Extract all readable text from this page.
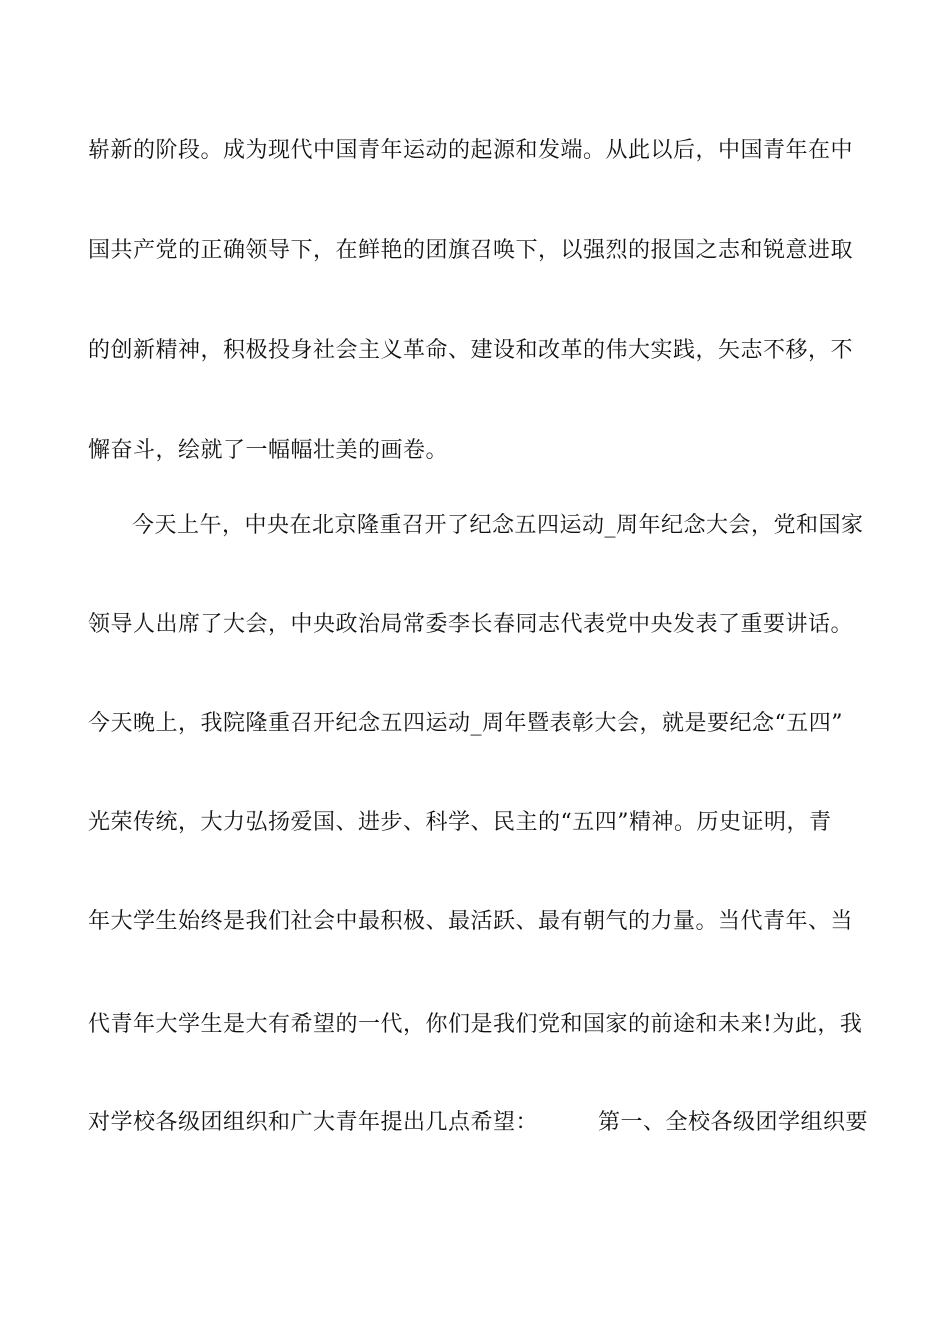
崭新的阶段。成为现代中国青年运动的起源和发端。从此以后，中国青年在中
国共产党的正确领导下，在鲜艳的团旗召唤下，以强烈的报国之志和锐意进取
的创新精神，积极投身社会主义革命、建设和改革的伟大实践，矢志不移，不
懈奋斗，绘就了一幅幅壮美的画卷。
今天上午，中央在北京隆重召开了纪念五四运动_周年纪念大会，党和国家
领导人出席了大会，中央政治局常委李长春同志代表党中央发表了重要讲话。
今天晚上，我院隆重召开纪念五四运动_周年暨表彰大会，就是要纪念“五四”
光荣传统，大力弘扬爱国、进步、科学、民主的“五四”精神。历史证明，青
年大学生始终是我们社会中最积极、最活跃、最有朝气的力量。当代青年、当
代青年大学生是大有希望的一代，你们是我们党和国家的前途和未来!为此，我
对学校各级团组织和广大青年提出几点希望：	第一、全校各级团学组织要
